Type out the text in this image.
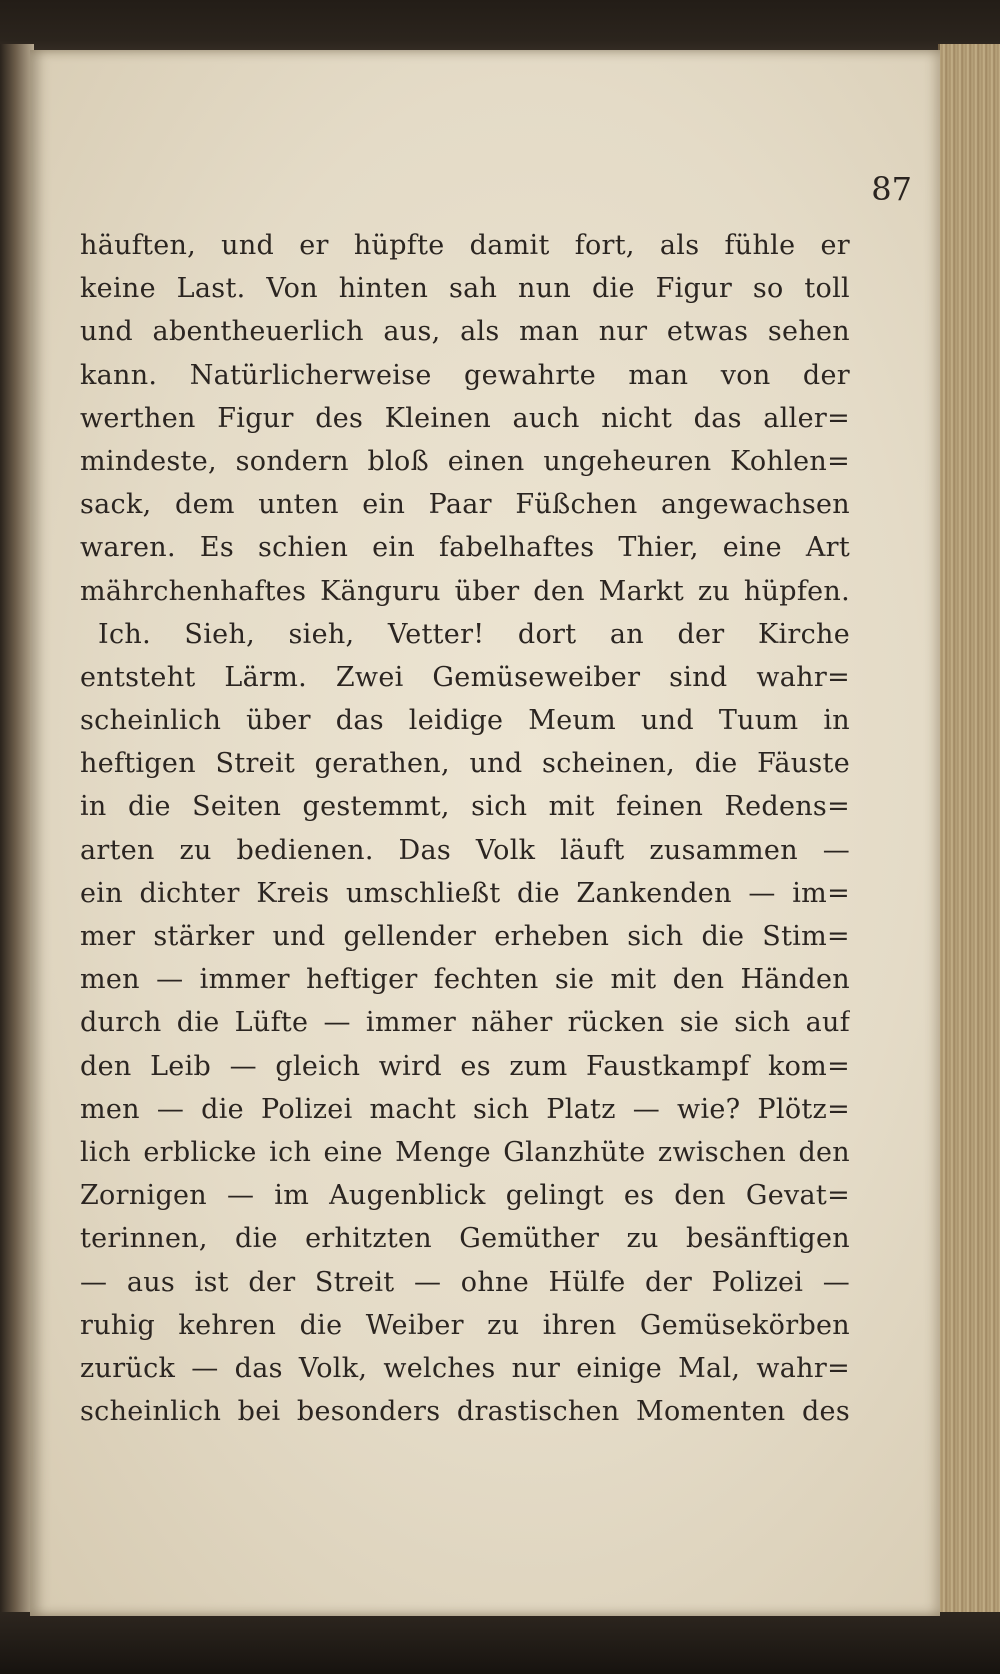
87

häuften, und er hüpfte damit fort, als fühle er

keine Last. Von hinten sah nun die Figur so toll

und abentheuerlich aus, als man nur etwas sehen

kann. Natürlicherweise gewahrte man von der

werthen Figur des Kleinen auch nicht das aller=

mindeste, sondern bloß einen ungeheuren Kohlen=

sack, dem unten ein Paar Füßchen angewachsen

waren. Es schien ein fabelhaftes Thier, eine Art

mährchenhaftes Känguru über den Markt zu hüpfen.

Ich. Sieh, sieh, Vetter! dort an der Kirche

entsteht Lärm. Zwei Gemüseweiber sind wahr=

scheinlich über das leidige Meum und Tuum in

heftigen Streit gerathen, und scheinen, die Fäuste

in die Seiten gestemmt, sich mit feinen Redens=

arten zu bedienen. Das Volk läuft zusammen —

ein dichter Kreis umschließt die Zankenden — im=

mer stärker und gellender erheben sich die Stim=

men — immer heftiger fechten sie mit den Händen

durch die Lüfte — immer näher rücken sie sich auf

den Leib — gleich wird es zum Faustkampf kom=

men — die Polizei macht sich Platz — wie? Plötz=

lich erblicke ich eine Menge Glanzhüte zwischen den

Zornigen — im Augenblick gelingt es den Gevat=

terinnen, die erhitzten Gemüther zu besänftigen

— aus ist der Streit — ohne Hülfe der Polizei —

ruhig kehren die Weiber zu ihren Gemüsekörben

zurück — das Volk, welches nur einige Mal, wahr=

scheinlich bei besonders drastischen Momenten des
